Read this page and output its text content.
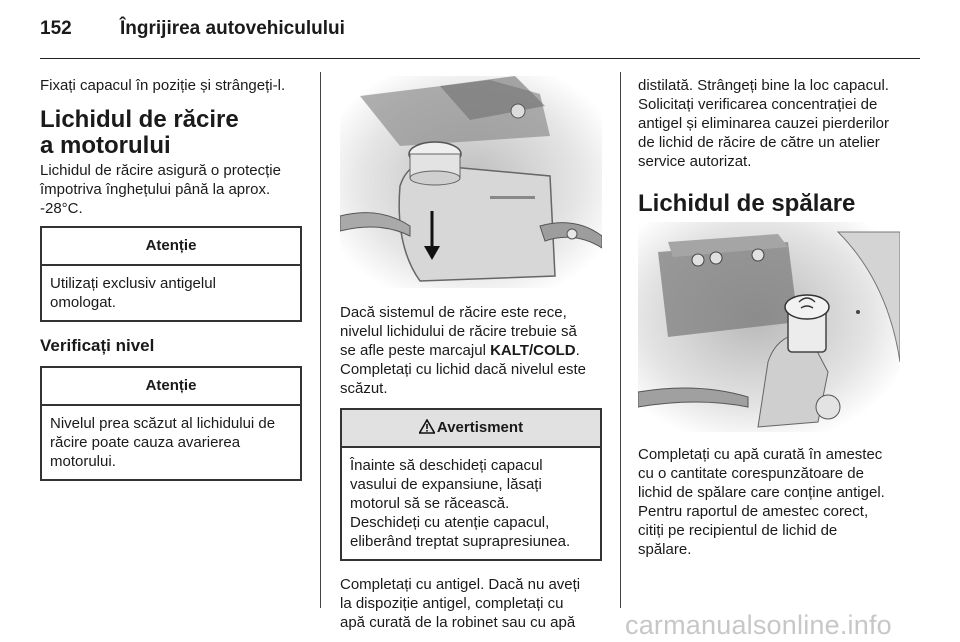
152	Îngrijirea autovehiculului

Fixați capacul în poziție și strângeți-l.

Lichidul de răcire
a motorului

Lichidul de răcire asigură o protecție

împotriva înghețului până la aprox.

-28°C.

Atenție
Utilizați exclusiv antigelul
omologat.
Verificați nivel
Atenție
Nivelul prea scăzut al lichidului de
răcire poate cauza avarierea
motorului.

Dacă sistemul de răcire este rece,

nivelul lichidului de răcire trebuie să

se afle peste marcajul KALT/COLD.

Completați cu lichid dacă nivelul este

scăzut.

Avertisment
Înainte să deschideți capacul
vasului de expansiune, lăsați
motorul să se răcească.
Deschideți cu atenție capacul,
eliberând treptat suprapresiunea.

Completați cu antigel. Dacă nu aveți

la dispoziție antigel, completați cu

apă curată de la robinet sau cu apă

distilată. Strângeți bine la loc capacul.

Solicitați verificarea concentrației de

antigel și eliminarea cauzei pierderilor

de lichid de răcire de către un atelier

service autorizat.

Lichidul de spălare

Completați cu apă curată în amestec

cu o cantitate corespunzătoare de

lichid de spălare care conține antigel.

Pentru raportul de amestec corect,

citiți pe recipientul de lichid de

spălare.

carmanualsonline.info
